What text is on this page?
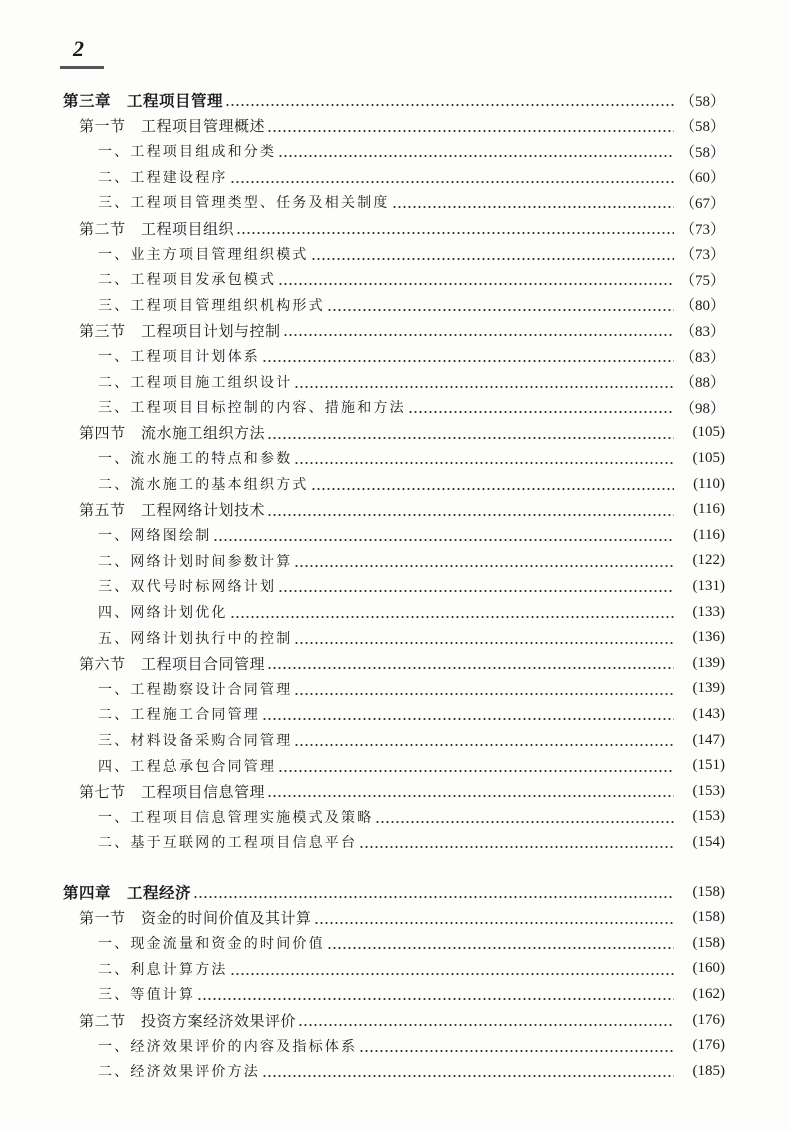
2
第三章　工程项目管理	（58）
第一节　工程项目管理概述	（58）
一、工程项目组成和分类	（58）
二、工程建设程序	（60）
三、工程项目管理类型、任务及相关制度	（67）
第二节　工程项目组织	（73）
一、业主方项目管理组织模式	（73）
二、工程项目发承包模式	（75）
三、工程项目管理组织机构形式	（80）
第三节　工程项目计划与控制	（83）
一、工程项目计划体系	（83）
二、工程项目施工组织设计	（88）
三、工程项目目标控制的内容、措施和方法	（98）
第四节　流水施工组织方法	(105)
一、流水施工的特点和参数	(105)
二、流水施工的基本组织方式	(110)
第五节　工程网络计划技术	(116)
一、网络图绘制	(116)
二、网络计划时间参数计算	(122)
三、双代号时标网络计划	(131)
四、网络计划优化	(133)
五、网络计划执行中的控制	(136)
第六节　工程项目合同管理	(139)
一、工程勘察设计合同管理	(139)
二、工程施工合同管理	(143)
三、材料设备采购合同管理	(147)
四、工程总承包合同管理	(151)
第七节　工程项目信息管理	(153)
一、工程项目信息管理实施模式及策略	(153)
二、基于互联网的工程项目信息平台	(154)
第四章　工程经济	(158)
第一节　资金的时间价值及其计算	(158)
一、现金流量和资金的时间价值	(158)
二、利息计算方法	(160)
三、等值计算	(162)
第二节　投资方案经济效果评价	(176)
一、经济效果评价的内容及指标体系	(176)
二、经济效果评价方法	(185)
